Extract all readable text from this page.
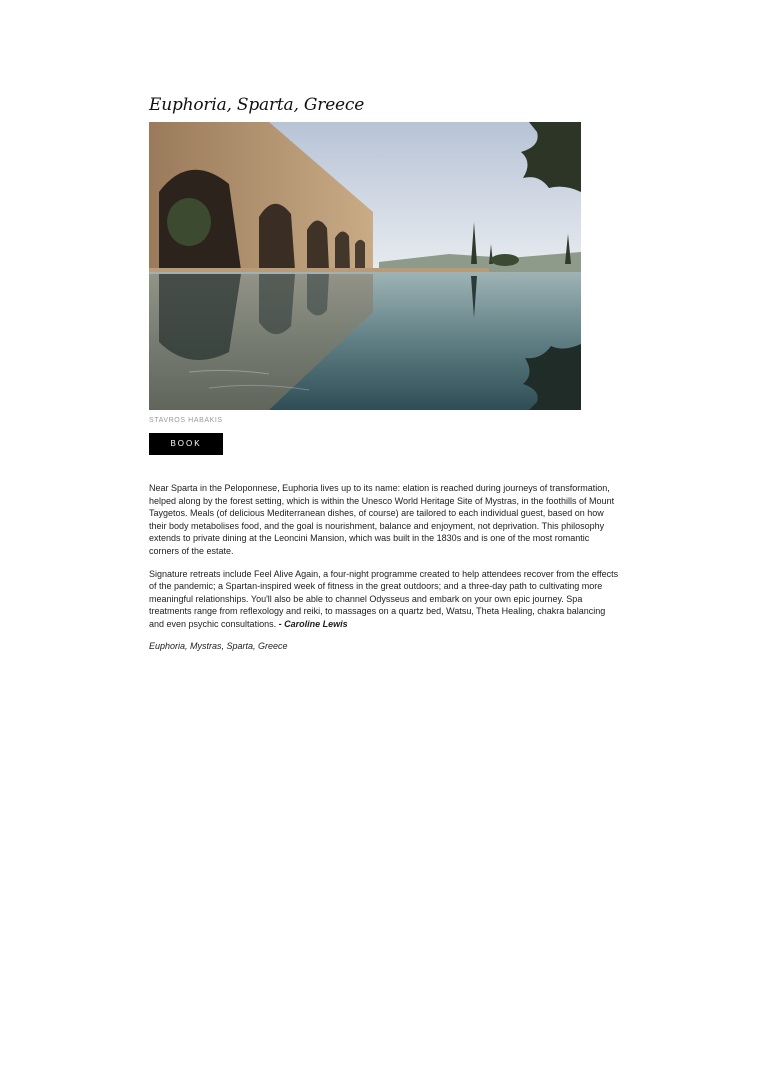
Euphoria, Sparta, Greece
STAVROS HABAKIS
BOOK NOW

Near Sparta in the Peloponnese, Euphoria lives up to its name: elation is reached during journeys of transformation, helped along by the forest setting, which is within the Unesco World Heritage Site of Mystras, in the foothills of Mount Taygetos. Meals (of delicious Mediterranean dishes, of course) are tailored to each individual guest, based on how their body metabolises food, and the goal is nourishment, balance and enjoyment, not deprivation. This philosophy extends to private dining at the Leoncini Mansion, which was built in the 1830s and is one of the most romantic corners of the estate.

Signature retreats include Feel Alive Again, a four-night programme created to help attendees recover from the effects of the pandemic; a Spartan-inspired week of fitness in the great outdoors; and a three-day path to cultivating more meaningful relationships. You'll also be able to channel Odysseus and embark on your own epic journey. Spa treatments range from reflexology and reiki, to massages on a quartz bed, Watsu, Theta Healing, chakra balancing and even psychic consultations. - Caroline Lewis

Euphoria, Mystras, Sparta, Greece
